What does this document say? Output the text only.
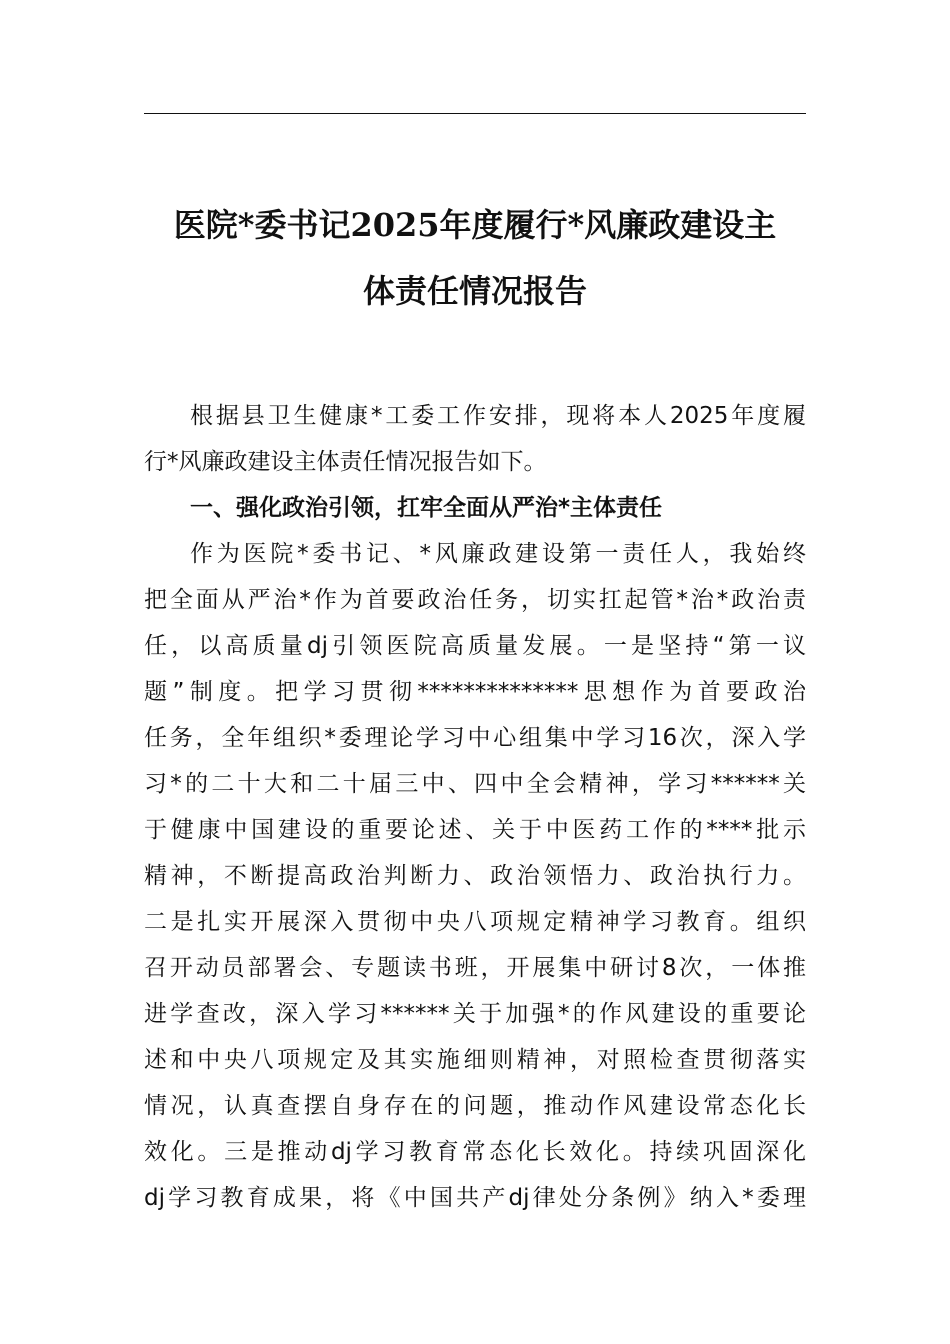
医院*委书记2025年度履行*风廉政建设主
体责任情况报告
根据县卫生健康*工委工作安排，现将本人2025年度履
行*风廉政建设主体责任情况报告如下。
一、强化政治引领，扛牢全面从严治*主体责任
作为医院*委书记、*风廉政建设第一责任人，我始终
把全面从严治*作为首要政治任务，切实扛起管*治*政治责
任，以高质量dj引领医院高质量发展。一是坚持“第一议
题”制度。把学习贯彻**************思想作为首要政治
任务，全年组织*委理论学习中心组集中学习16次，深入学
习*的二十大和二十届三中、四中全会精神，学习******关
于健康中国建设的重要论述、关于中医药工作的****批示
精神，不断提高政治判断力、政治领悟力、政治执行力。
二是扎实开展深入贯彻中央八项规定精神学习教育。组织
召开动员部署会、专题读书班，开展集中研讨8次，一体推
进学查改，深入学习******关于加强*的作风建设的重要论
述和中央八项规定及其实施细则精神，对照检查贯彻落实
情况，认真查摆自身存在的问题，推动作风建设常态化长
效化。三是推动dj学习教育常态化长效化。持续巩固深化
dj学习教育成果，将《中国共产dj律处分条例》纳入*委理
